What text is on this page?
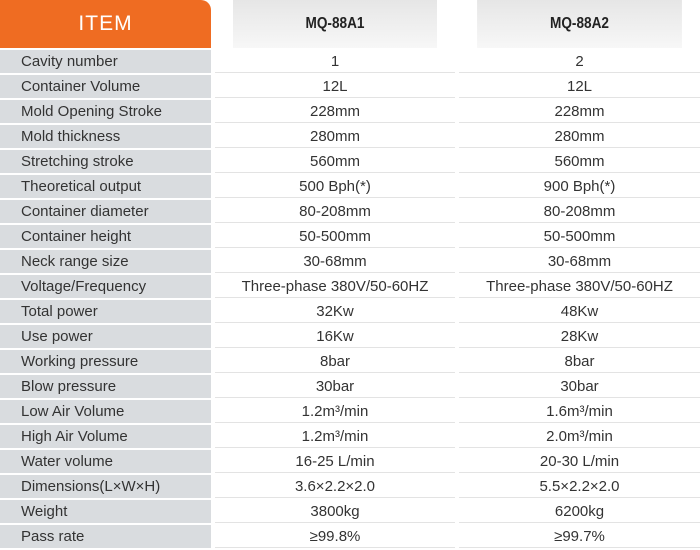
ITEM	MQ-88A1	MQ-88A2
Cavity number	1	2
Container Volume	12L	12L
Mold Opening Stroke	228mm	228mm
Mold thickness	280mm	280mm
Stretching stroke	560mm	560mm
Theoretical output	500 Bph(*)	900 Bph(*)
Container diameter	80-208mm	80-208mm
Container height	50-500mm	50-500mm
Neck range size	30-68mm	30-68mm
Voltage/Frequency	Three-phase 380V/50-60HZ	Three-phase 380V/50-60HZ
Total power	32Kw	48Kw
Use power	16Kw	28Kw
Working pressure	8bar	8bar
Blow pressure	30bar	30bar
Low Air Volume	1.2m³/min	1.6m³/min
High Air Volume	1.2m³/min	2.0m³/min
Water volume	16-25 L/min	20-30 L/min
Dimensions(L×W×H)	3.6×2.2×2.0	5.5×2.2×2.0
Weight	3800kg	6200kg
Pass rate	≥99.8%	≥99.7%
